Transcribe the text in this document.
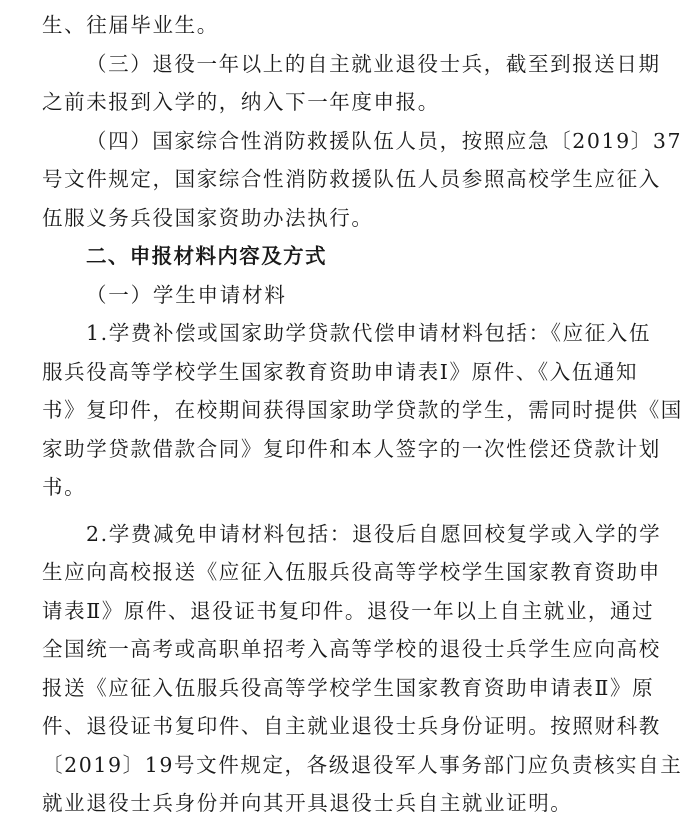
生、往届毕业生。
（三）退役一年以上的自主就业退役士兵，截至到报送日期
之前未报到入学的，纳入下一年度申报。
（四）国家综合性消防救援队伍人员，按照应急〔2019〕37
号文件规定，国家综合性消防救援队伍人员参照高校学生应征入
伍服义务兵役国家资助办法执行。
二、申报材料内容及方式
（一）学生申请材料
1.学费补偿或国家助学贷款代偿申请材料包括：《应征入伍
服兵役高等学校学生国家教育资助申请表Ⅰ》原件、《入伍通知
书》复印件，在校期间获得国家助学贷款的学生，需同时提供《国
家助学贷款借款合同》复印件和本人签字的一次性偿还贷款计划
书。
2.学费减免申请材料包括：退役后自愿回校复学或入学的学
生应向高校报送《应征入伍服兵役高等学校学生国家教育资助申
请表Ⅱ》原件、退役证书复印件。退役一年以上自主就业，通过
全国统一高考或高职单招考入高等学校的退役士兵学生应向高校
报送《应征入伍服兵役高等学校学生国家教育资助申请表Ⅱ》原
件、退役证书复印件、自主就业退役士兵身份证明。按照财科教
〔2019〕19号文件规定，各级退役军人事务部门应负责核实自主
就业退役士兵身份并向其开具退役士兵自主就业证明。
